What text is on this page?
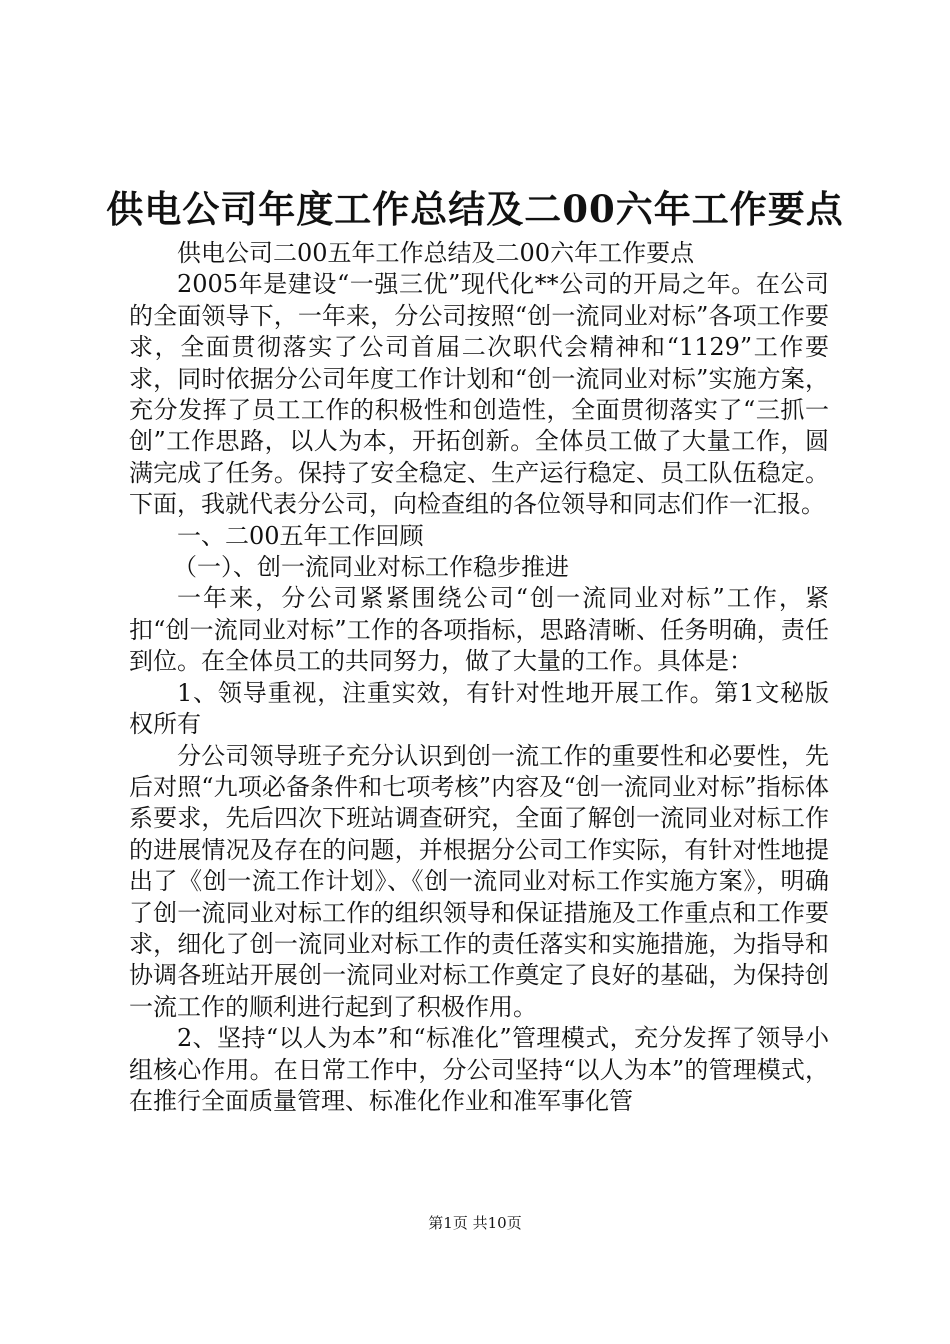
供电公司年度工作总结及二00六年工作要点

供电公司二00五年工作总结及二00六年工作要点

2005年是建设“一强三优”现代化**公司的开局之年。在公司的全面领导下，一年来，分公司按照“创一流同业对标”各项工作要求，全面贯彻落实了公司首届二次职代会精神和“1129”工作要求，同时依据分公司年度工作计划和“创一流同业对标”实施方案，充分发挥了员工工作的积极性和创造性，全面贯彻落实了“三抓一创”工作思路，以人为本，开拓创新。全体员工做了大量工作，圆满完成了任务。保持了安全稳定、生产运行稳定、员工队伍稳定。下面，我就代表分公司，向检查组的各位领导和同志们作一汇报。

一、二00五年工作回顾

（一）、创一流同业对标工作稳步推进

一年来，分公司紧紧围绕公司“创一流同业对标”工作，紧扣“创一流同业对标”工作的各项指标，思路清晰、任务明确，责任到位。在全体员工的共同努力，做了大量的工作。具体是：

1、领导重视，注重实效，有针对性地开展工作。第1文秘版权所有

分公司领导班子充分认识到创一流工作的重要性和必要性，先后对照“九项必备条件和七项考核”内容及“创一流同业对标”指标体系要求，先后四次下班站调查研究，全面了解创一流同业对标工作的进展情况及存在的问题，并根据分公司工作实际，有针对性地提出了《创一流工作计划》、《创一流同业对标工作实施方案》，明确了创一流同业对标工作的组织领导和保证措施及工作重点和工作要求，细化了创一流同业对标工作的责任落实和实施措施，为指导和协调各班站开展创一流同业对标工作奠定了良好的基础，为保持创一流工作的顺利进行起到了积极作用。

2、坚持“以人为本”和“标准化”管理模式，充分发挥了领导小组核心作用。在日常工作中，分公司坚持“以人为本”的管理模式，在推行全面质量管理、标准化作业和准军事化管

第1页 共10页
